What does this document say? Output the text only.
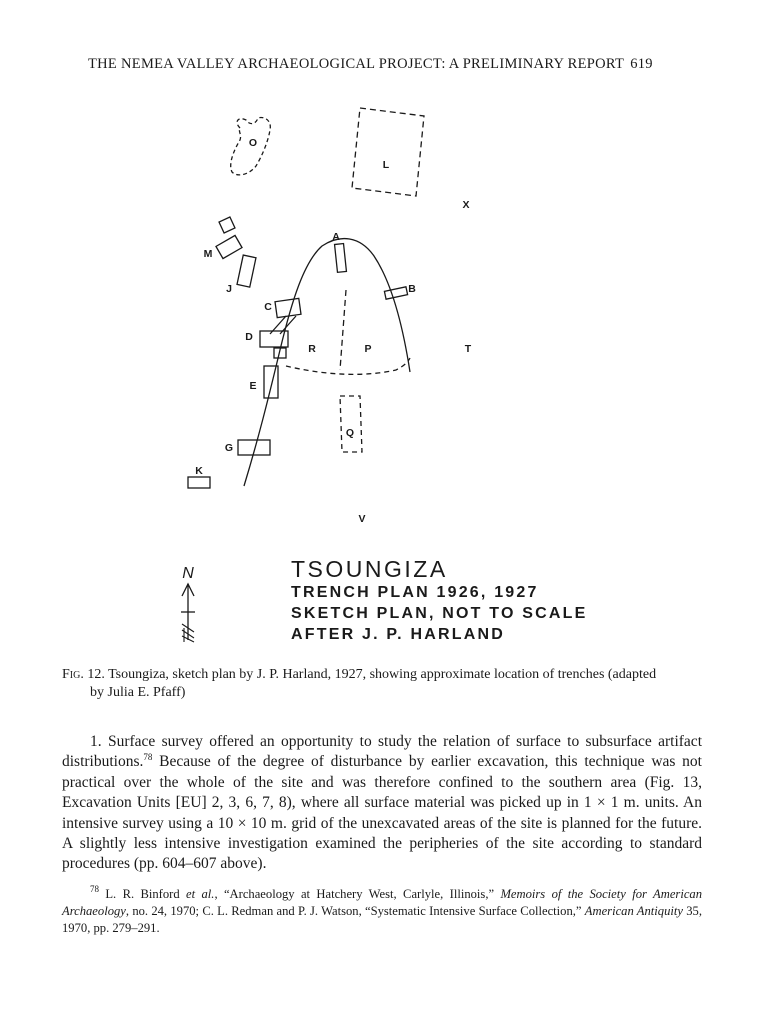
THE NEMEA VALLEY ARCHAEOLOGICAL PROJECT: A PRELIMINARY REPORT 619
O
L
X
A
M
J	B
C
D
R	P	T
E
Q
G
K
V
N	TSOUNGIZA
TRENCH PLAN 1926, 1927
SKETCH PLAN, NOT TO SCALE
AFTER J. P. HARLAND
Fig. 12. Tsoungiza, sketch plan by J. P. Harland, 1927, showing approximate location of trenches (adapted
by Julia E. Pfaff)

1. Surface survey offered an opportunity to study the relation of surface to subsurface artifact distributions.$^{78}$ Because of the degree of disturbance by earlier excavation, this technique was not practical over the whole of the site and was therefore confined to the southern area (Fig. 13, Excavation Units [EU] 2, 3, 6, 7, 8), where all surface material was picked up in 1 × 1 m. units. An intensive survey using a 10 × 10 m. grid of the unexcavated areas of the site is planned for the future. A slightly less intensive investigation examined the peripheries of the site according to standard procedures (pp. 604–607 above).

$^{78}$ L. R. Binford et al., “Archaeology at Hatchery West, Carlyle, Illinois,” Memoirs of the Society for American Archaeology, no. 24, 1970; C. L. Redman and P. J. Watson, “Systematic Intensive Surface Collection,” American Antiquity 35, 1970, pp. 279–291.
